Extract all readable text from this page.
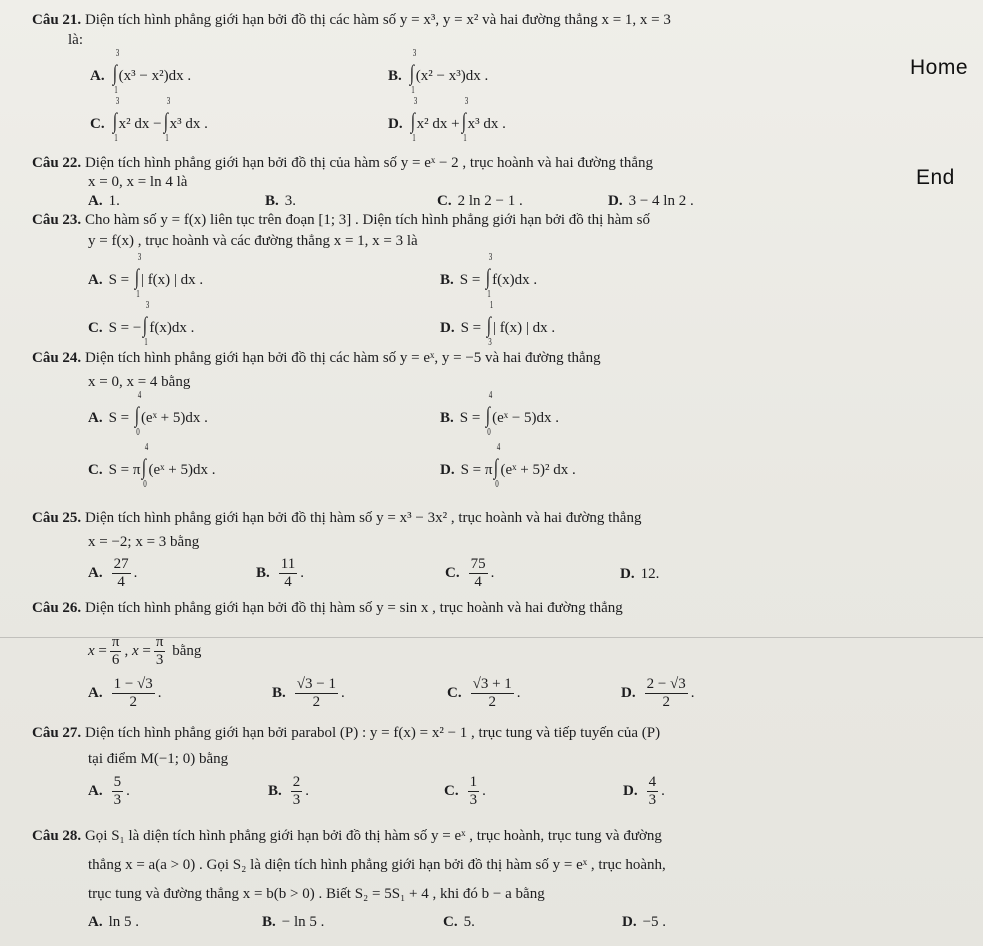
Home
End
Câu 21. Diện tích hình phẳng giới hạn bởi đồ thị các hàm số y = x³, y = x² và hai đường thẳng x = 1, x = 3
là:
A. ∫
3
1
(x³ − x²)dx .	B. ∫
3
1
(x² − x³)dx .
C. ∫
3
1
x² dx −∫
3
1
x³ dx .	D. ∫
3
1
x² dx +∫
3
1
x³ dx .
Câu 22. Diện tích hình phẳng giới hạn bởi đồ thị của hàm số y = eˣ − 2 , trục hoành và hai đường thẳng
x = 0, x = ln 4 là
A. 1.	B. 3.	C. 2 ln 2 − 1 .	D. 3 − 4 ln 2 .
Câu 23. Cho hàm số y = f(x) liên tục trên đoạn [1; 3] . Diện tích hình phẳng giới hạn bởi đồ thị hàm số
y = f(x) , trục hoành và các đường thẳng x = 1, x = 3 là
A. S = ∫
3
1
| f(x) | dx .	B. S = ∫
3
1
f(x)dx .
C. S = −∫
3
1
f(x)dx .	D. S = ∫
1
3
| f(x) | dx .
Câu 24. Diện tích hình phẳng giới hạn bởi đồ thị các hàm số y = eˣ, y = −5 và hai đường thẳng
x = 0, x = 4 bằng
A. S = ∫
4
0
(eˣ + 5)dx .	B. S = ∫
4
0
(eˣ − 5)dx .
C. S = π∫
4
0
(eˣ + 5)dx .	D. S = π∫
4
0
(eˣ + 5)² dx .
Câu 25. Diện tích hình phẳng giới hạn bởi đồ thị hàm số y = x³ − 3x² , trục hoành và hai đường thẳng
x = −2; x = 3 bằng
A. $\frac{27}{4}$ .	B. $\frac{11}{4}$ .	C. $\frac{75}{4}$ .	D. 12.
Câu 26. Diện tích hình phẳng giới hạn bởi đồ thị hàm số y = sin x , trục hoành và hai đường thẳng
$x = \frac{\pi}{6}$ , $x = \frac{\pi}{3}$ bằng
A. $\frac{1 - √3}{2}$ .	B. $\frac{√3 - 1}{2}$ .	C. $\frac{√3 + 1}{2}$ .	D. $\frac{2 - √3}{2}$ .
Câu 27. Diện tích hình phẳng giới hạn bởi parabol (P) : y = f(x) = x² − 1 , trục tung và tiếp tuyến của (P)
tại điểm M(−1; 0) bằng
A. $\frac{5}{3}$ .	B. $\frac{2}{3}$ .	C. $\frac{1}{3}$ .	D. $\frac{4}{3}$ .
Câu 28. Gọi S₁ là diện tích hình phẳng giới hạn bởi đồ thị hàm số y = eˣ , trục hoành, trục tung và đường
thẳng x = a(a > 0) . Gọi S₂ là diện tích hình phẳng giới hạn bởi đồ thị hàm số y = eˣ , trục hoành,
trục tung và đường thẳng x = b(b > 0) . Biết S₂ = 5S₁ + 4 , khi đó b − a bằng
A. ln 5 .	B. − ln 5 .	C. 5.	D. −5 .
